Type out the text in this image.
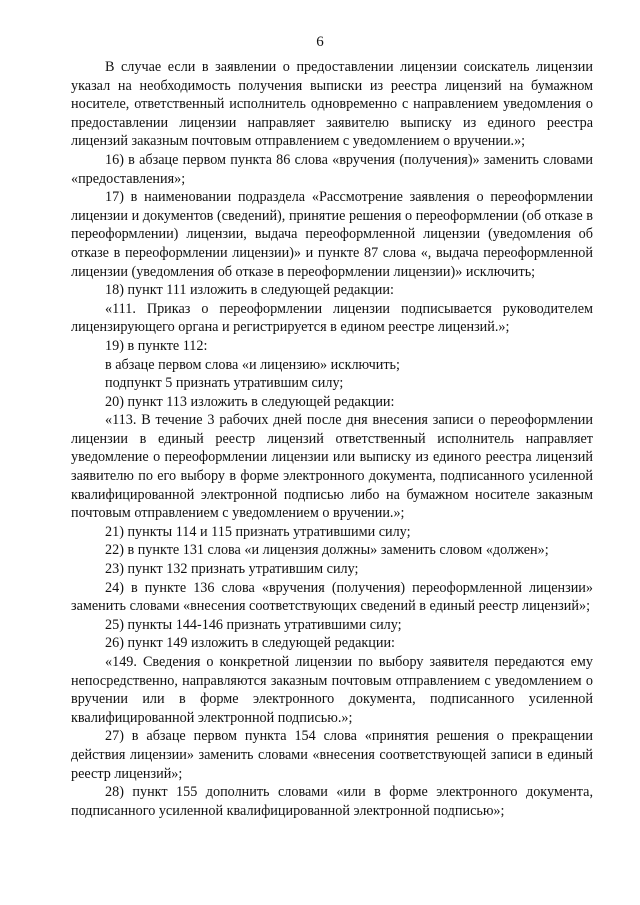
6

В случае если в заявлении о предоставлении лицензии соискатель лицензии указал на необходимость получения выписки из реестра лицензий на бумажном носителе, ответственный исполнитель одновременно с направлением уведомления о предоставлении лицензии направляет заявителю выписку из единого реестра лицензий заказным почтовым отправлением с уведомлением о вручении.»;

16) в абзаце первом пункта 86 слова «вручения (получения)» заменить словами «предоставления»;

17) в наименовании подраздела «Рассмотрение заявления о переоформлении лицензии и документов (сведений), принятие решения о переоформлении (об отказе в переоформлении) лицензии, выдача переоформленной лицензии (уведомления об отказе в переоформлении лицензии)» и пункте 87 слова «, выдача переоформленной лицензии (уведомления об отказе в переоформлении лицензии)» исключить;

18) пункт 111 изложить в следующей редакции:

«111. Приказ о переоформлении лицензии подписывается руководителем лицензирующего органа и регистрируется в едином реестре лицензий.»;

19) в пункте 112:

в абзаце первом слова «и лицензию» исключить;

подпункт 5 признать утратившим силу;

20) пункт 113 изложить в следующей редакции:

«113. В течение 3 рабочих дней после дня внесения записи о переоформлении лицензии в единый реестр лицензий ответственный исполнитель направляет уведомление о переоформлении лицензии или выписку из единого реестра лицензий заявителю по его выбору в форме электронного документа, подписанного усиленной квалифицированной электронной подписью либо на бумажном носителе заказным почтовым отправлением с уведомлением о вручении.»;

21) пункты 114 и 115 признать утратившими силу;

22) в пункте 131 слова «и лицензия должны» заменить словом «должен»;

23) пункт 132 признать утратившим силу;

24) в пункте 136 слова «вручения (получения) переоформленной лицензии» заменить словами «внесения соответствующих сведений в единый реестр лицензий»;

25) пункты 144-146 признать утратившими силу;

26) пункт 149 изложить в следующей редакции:

«149. Сведения о конкретной лицензии по выбору заявителя передаются ему непосредственно, направляются заказным почтовым отправлением с уведомлением о вручении или в форме электронного документа, подписанного усиленной квалифицированной электронной подписью.»;

27) в абзаце первом пункта 154 слова «принятия решения о прекращении действия лицензии» заменить словами «внесения соответствующей записи в единый реестр лицензий»;

28) пункт 155 дополнить словами «или в форме электронного документа, подписанного усиленной квалифицированной электронной подписью»;
